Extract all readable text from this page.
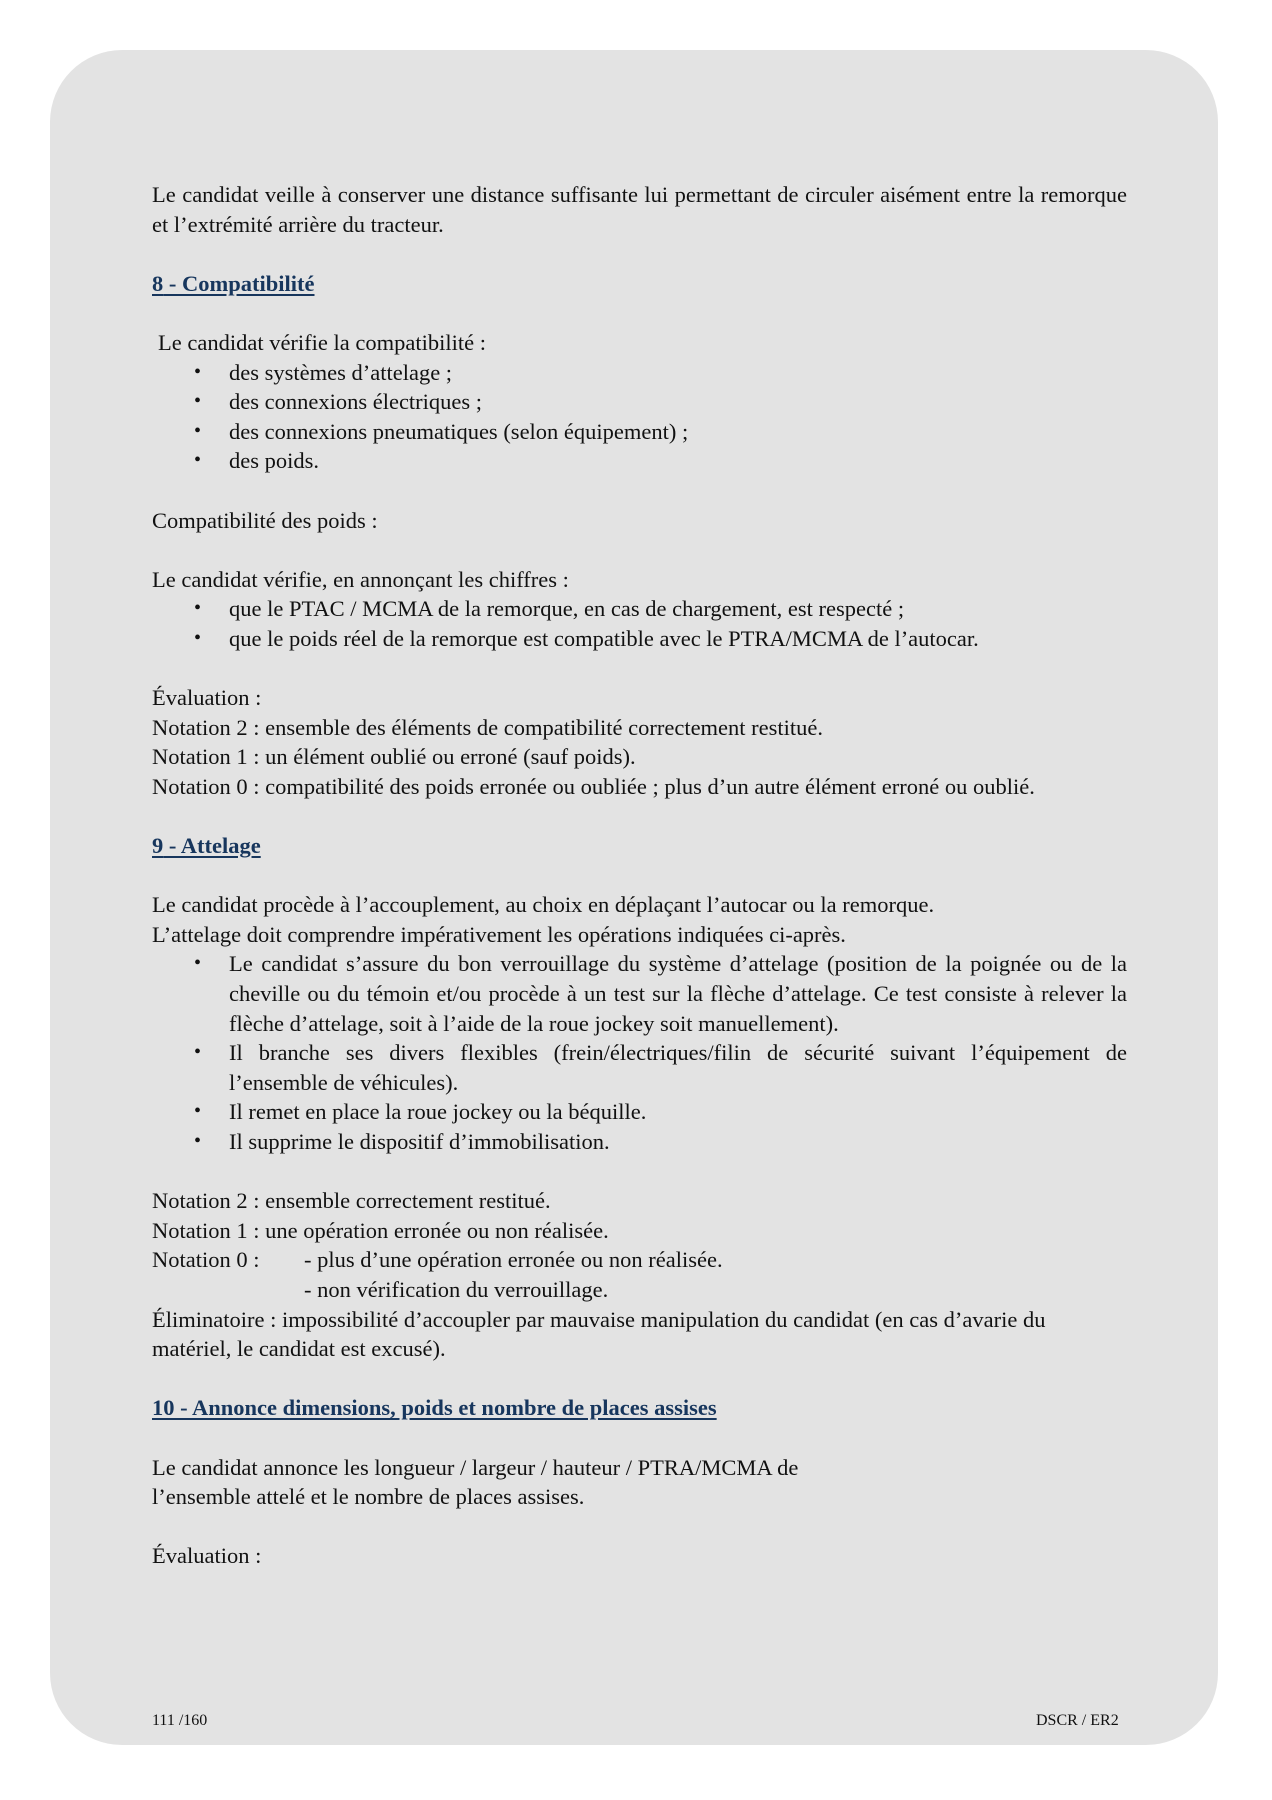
Le candidat veille à conserver une distance suffisante lui permettant de circuler aisément entre la remorque et l’extrémité arrière du tracteur.

8 - Compatibilité

Le candidat vérifie la compatibilité :

• des systèmes d’attelage ;
• des connexions électriques ;
• des connexions pneumatiques (selon équipement) ;
• des poids.

Compatibilité des poids :

Le candidat vérifie, en annonçant les chiffres :

• que le PTAC / MCMA de la remorque, en cas de chargement, est respecté ;
• que le poids réel de la remorque est compatible avec le PTRA/MCMA de l’autocar.

Évaluation :

Notation 2 : ensemble des éléments de compatibilité correctement restitué.

Notation 1 : un élément oublié ou erroné (sauf poids).

Notation 0 : compatibilité des poids erronée ou oubliée ; plus d’un autre élément erroné ou oublié.

9 - Attelage

Le candidat procède à l’accouplement, au choix en déplaçant l’autocar ou la remorque.

L’attelage doit comprendre impérativement les opérations indiquées ci-après.

• Le candidat s’assure du bon verrouillage du système d’attelage (position de la poignée ou de la cheville ou du témoin et/ou procède à un test sur la flèche d’attelage. Ce test consiste à relever la flèche d’attelage, soit à l’aide de la roue jockey soit manuellement).
• Il branche ses divers flexibles (frein/électriques/filin de sécurité suivant l’équipement de l’ensemble de véhicules).
• Il remet en place la roue jockey ou la béquille.
• Il supprime le dispositif d’immobilisation.

Notation 2 : ensemble correctement restitué.

Notation 1 : une opération erronée ou non réalisée.

Notation 0 :	- plus d’une opération erronée ou non réalisée.

- non vérification du verrouillage.

Éliminatoire : impossibilité d’accoupler par mauvaise manipulation du candidat (en cas d’avarie du matériel, le candidat est excusé).

10 - Annonce dimensions, poids et nombre de places assises

Le candidat annonce les longueur / largeur / hauteur / PTRA/MCMA de

l’ensemble attelé et le nombre de places assises.

Évaluation :

111 /160	DSCR / ER2
